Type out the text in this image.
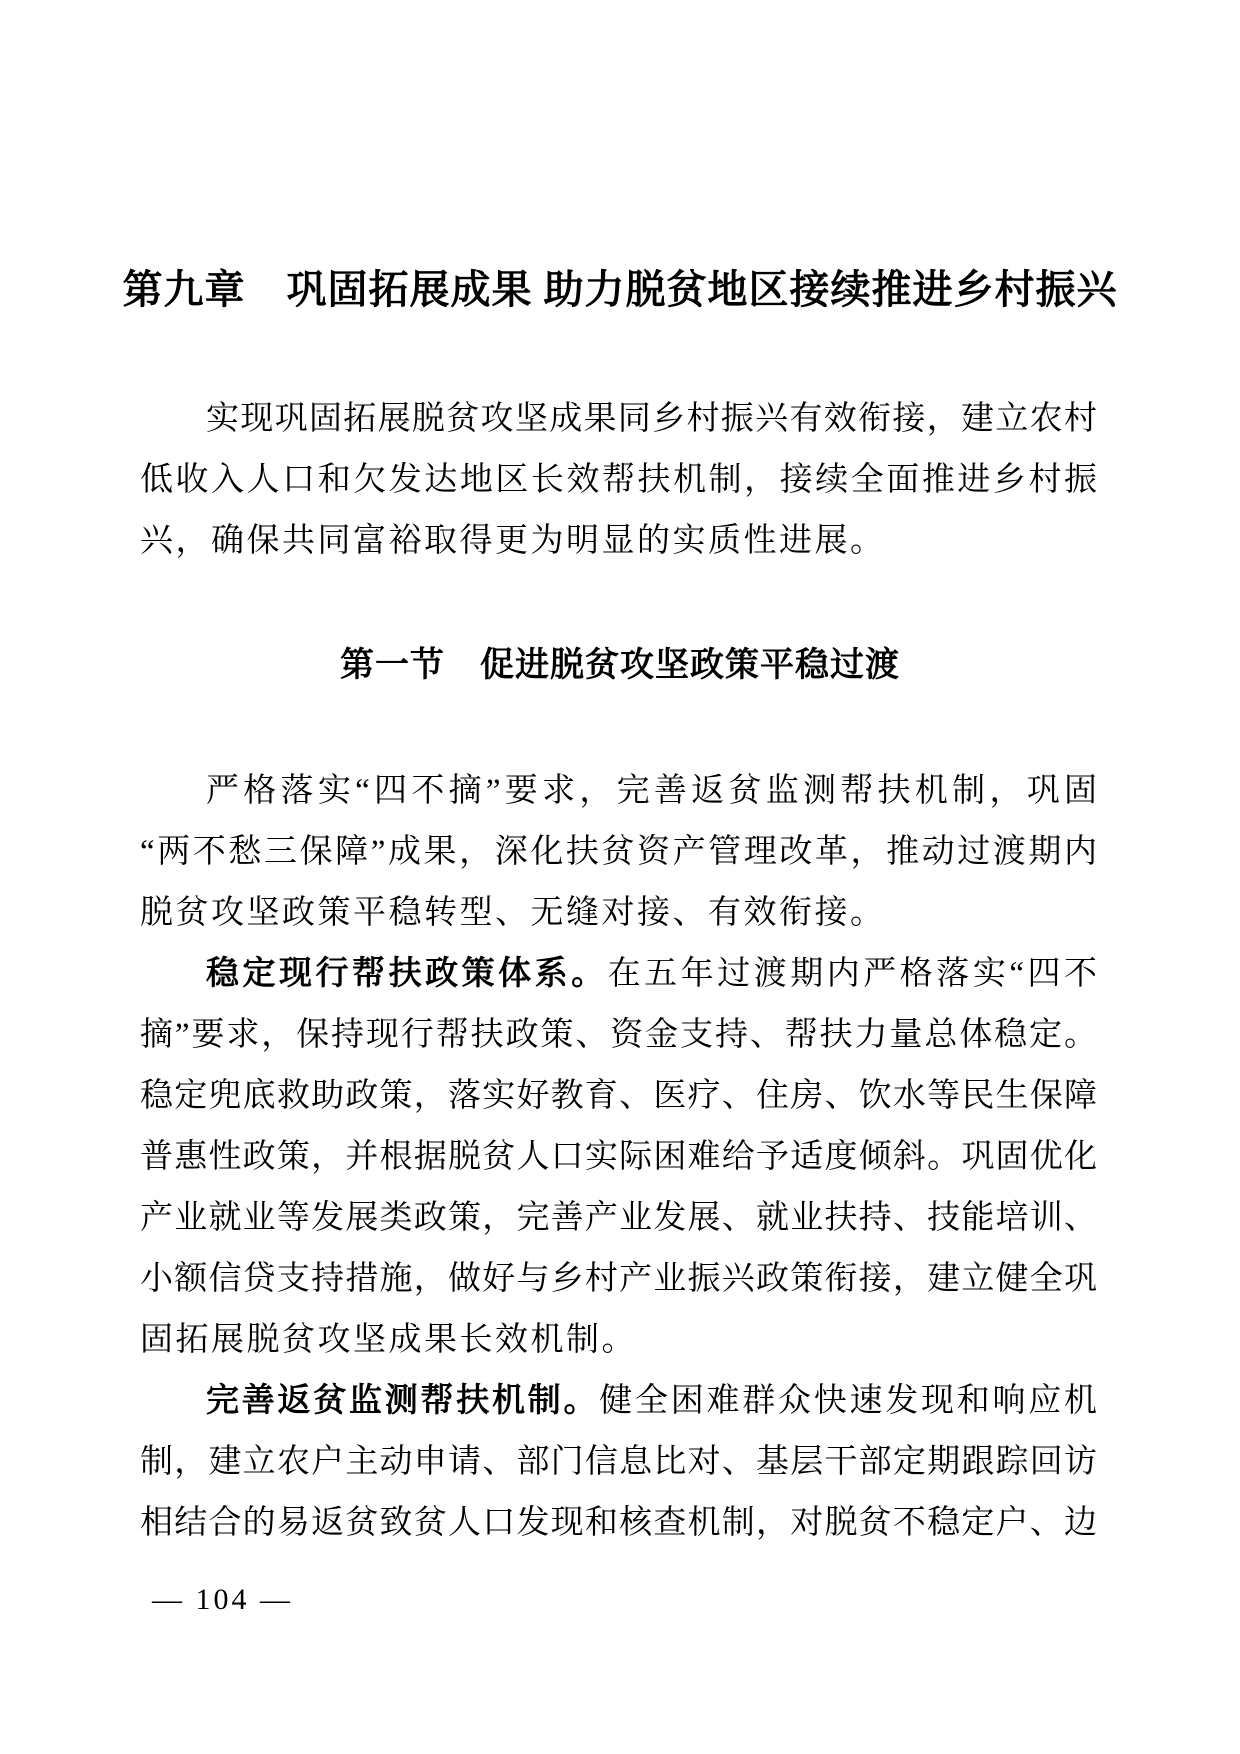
第九章　巩固拓展成果 助力脱贫地区接续推进乡村振兴
实现巩固拓展脱贫攻坚成果同乡村振兴有效衔接，建立农村
低收入人口和欠发达地区长效帮扶机制，接续全面推进乡村振
兴，确保共同富裕取得更为明显的实质性进展。
第一节　促进脱贫攻坚政策平稳过渡
严格落实“四不摘”要求，完善返贫监测帮扶机制，巩固
“两不愁三保障”成果，深化扶贫资产管理改革，推动过渡期内
脱贫攻坚政策平稳转型、无缝对接、有效衔接。
稳定现行帮扶政策体系。在五年过渡期内严格落实“四不
摘”要求，保持现行帮扶政策、资金支持、帮扶力量总体稳定。
稳定兜底救助政策，落实好教育、医疗、住房、饮水等民生保障
普惠性政策，并根据脱贫人口实际困难给予适度倾斜。巩固优化
产业就业等发展类政策，完善产业发展、就业扶持、技能培训、
小额信贷支持措施，做好与乡村产业振兴政策衔接，建立健全巩
固拓展脱贫攻坚成果长效机制。
完善返贫监测帮扶机制。健全困难群众快速发现和响应机
制，建立农户主动申请、部门信息比对、基层干部定期跟踪回访
相结合的易返贫致贫人口发现和核查机制，对脱贫不稳定户、边
— 104 —
